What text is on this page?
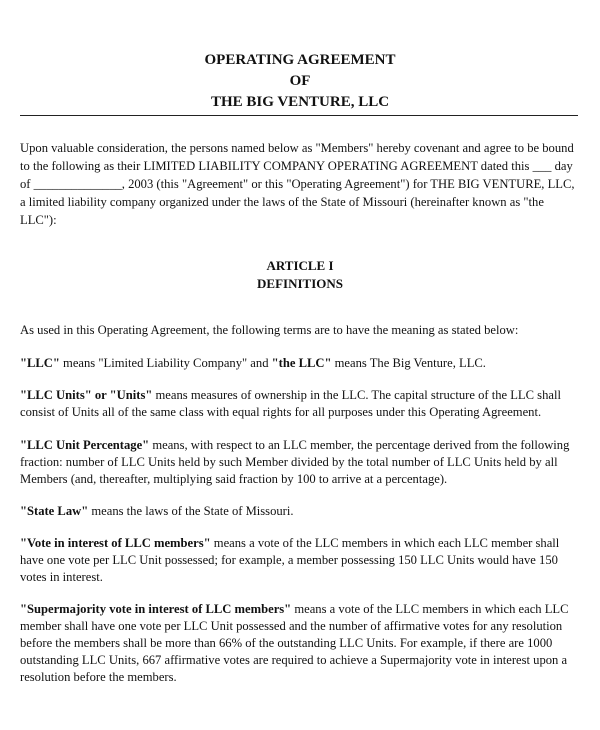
OPERATING AGREEMENT
OF
THE BIG VENTURE, LLC
Upon valuable consideration, the persons named below as "Members" hereby covenant and agree to be bound to the following as their LIMITED LIABILITY COMPANY OPERATING AGREEMENT dated this ___ day of ______________, 2003 (this "Agreement" or this "Operating Agreement") for THE BIG VENTURE, LLC, a limited liability company organized under the laws of the State of Missouri (hereinafter known as "the LLC"):
ARTICLE I
DEFINITIONS
As used in this Operating Agreement, the following terms are to have the meaning as stated below:
"LLC" means "Limited Liability Company" and "the LLC" means The Big Venture, LLC.
"LLC Units" or "Units" means measures of ownership in the LLC. The capital structure of the LLC shall consist of Units all of the same class with equal rights for all purposes under this Operating Agreement.
"LLC Unit Percentage" means, with respect to an LLC member, the percentage derived from the following fraction: number of LLC Units held by such Member divided by the total number of LLC Units held by all Members (and, thereafter, multiplying said fraction by 100 to arrive at a percentage).
"State Law" means the laws of the State of Missouri.
"Vote in interest of LLC members" means a vote of the LLC members in which each LLC member shall have one vote per LLC Unit possessed; for example, a member possessing 150 LLC Units would have 150 votes in interest.
"Supermajority vote in interest of LLC members" means a vote of the LLC members in which each LLC member shall have one vote per LLC Unit possessed and the number of affirmative votes for any resolution before the members shall be more than 66% of the outstanding LLC Units. For example, if there are 1000 outstanding LLC Units, 667 affirmative votes are required to achieve a Supermajority vote in interest upon a resolution before the members.
